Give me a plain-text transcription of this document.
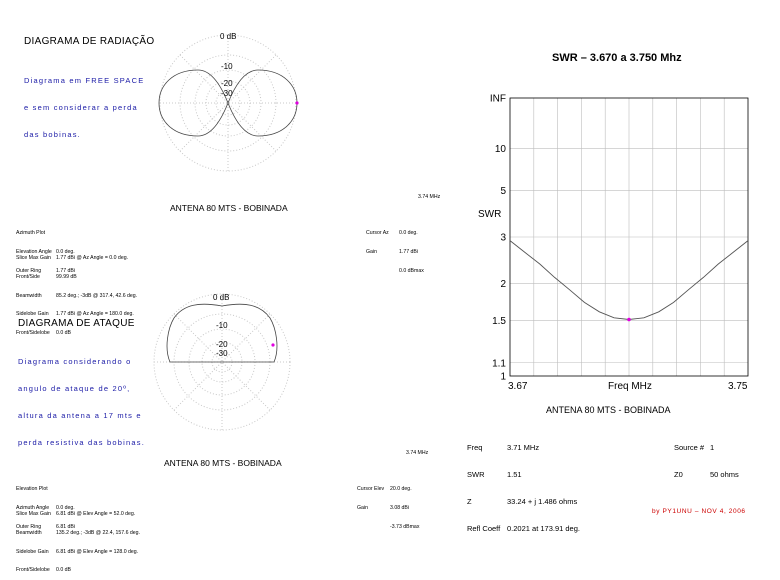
DIAGRAMA DE RADIAÇÃO

Diagrama em FREE SPACE

e sem considerar a perda

das bobinas.

0 dB
-10
-20
-30
ANTENA 80 MTS - BOBINADA
3.74 MHz

Azimuth Plot

Elevation Angle 0.0 deg.

Outer Ring	1.77 dBi

Slice Max Gain 1.77 dBi @ Az Angle = 0.0 deg.

Front/Side	99.99 dB

Beamwidth	85.2 deg.; -3dB @ 317.4, 42.6 deg.

Sidelobe Gain	1.77 dBi @ Az Angle = 180.0 deg.

Front/Sidelobe	0.0 dB

Cursor Az	0.0 deg.

Gain	1.77 dBi

0.0 dBmax

DIAGRAMA DE ATAQUE

Diagrama considerando o

angulo de ataque de 20º,

altura da antena a 17 mts e

perda resistiva das bobinas.

0 dB
-10
-20
-30
ANTENA 80 MTS - BOBINADA
3.74 MHz

Elevation Plot

Azimuth Angle	0.0 deg.

Outer Ring	6.81 dBi

Slice Max Gain 6.81 dBi @ Elev Angle = 52.0 deg.

Beamwidth	135.2 deg.; -3dB @ 22.4, 157.6 deg.

Sidelobe Gain	6.81 dBi @ Elev Angle = 128.0 deg.

Front/Sidelobe	0.0 dB

Cursor Elev	20.0 deg.

Gain	3.08 dBi

-3.73 dBmax

SWR – 3.670 a 3.750 Mhz
INF
10
5
3
2
1.5
1.1
1
SWR
3.67	3.75
Freq MHz
ANTENA 80 MTS - BOBINADA

Freq	3.71 MHz

SWR	1.51

Z	33.24 + j 1.486 ohms

Refl Coeff 0.2021 at 173.91 deg.

Source # 1

Z0	50 ohms

by PY1UNU – NOV 4, 2006
